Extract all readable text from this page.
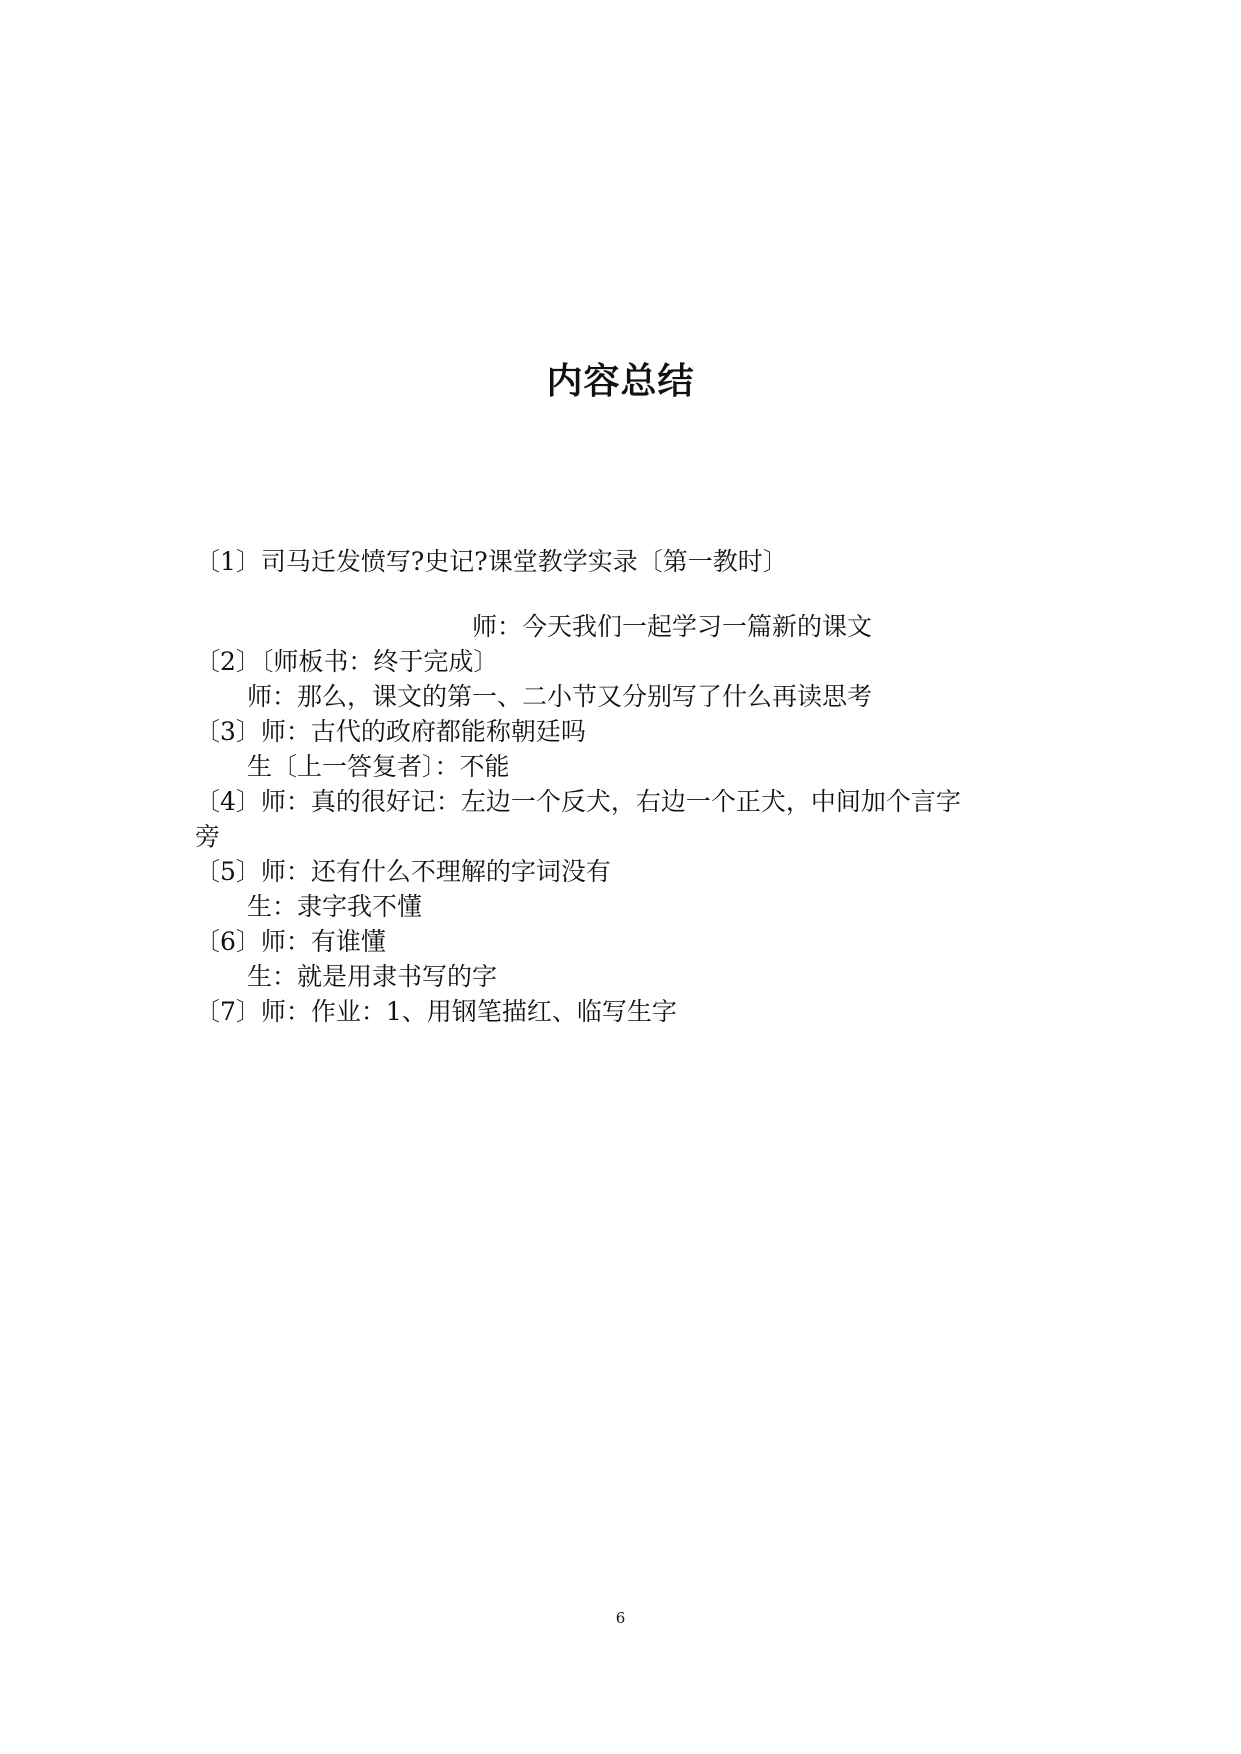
内容总结
〔1〕司马迁发愤写?史记?课堂教学实录〔第一教时〕
师：今天我们一起学习一篇新的课文
〔2〕〔师板书：终于完成〕
师：那么，课文的第一、二小节又分别写了什么再读思考
〔3〕师：古代的政府都能称朝廷吗
生〔上一答复者〕：不能
〔4〕师：真的很好记：左边一个反犬，右边一个正犬，中间加个言字
旁
〔5〕师：还有什么不理解的字词没有
生：隶字我不懂
〔6〕师：有谁懂
生：就是用隶书写的字
〔7〕师：作业：1、用钢笔描红、临写生字
6
